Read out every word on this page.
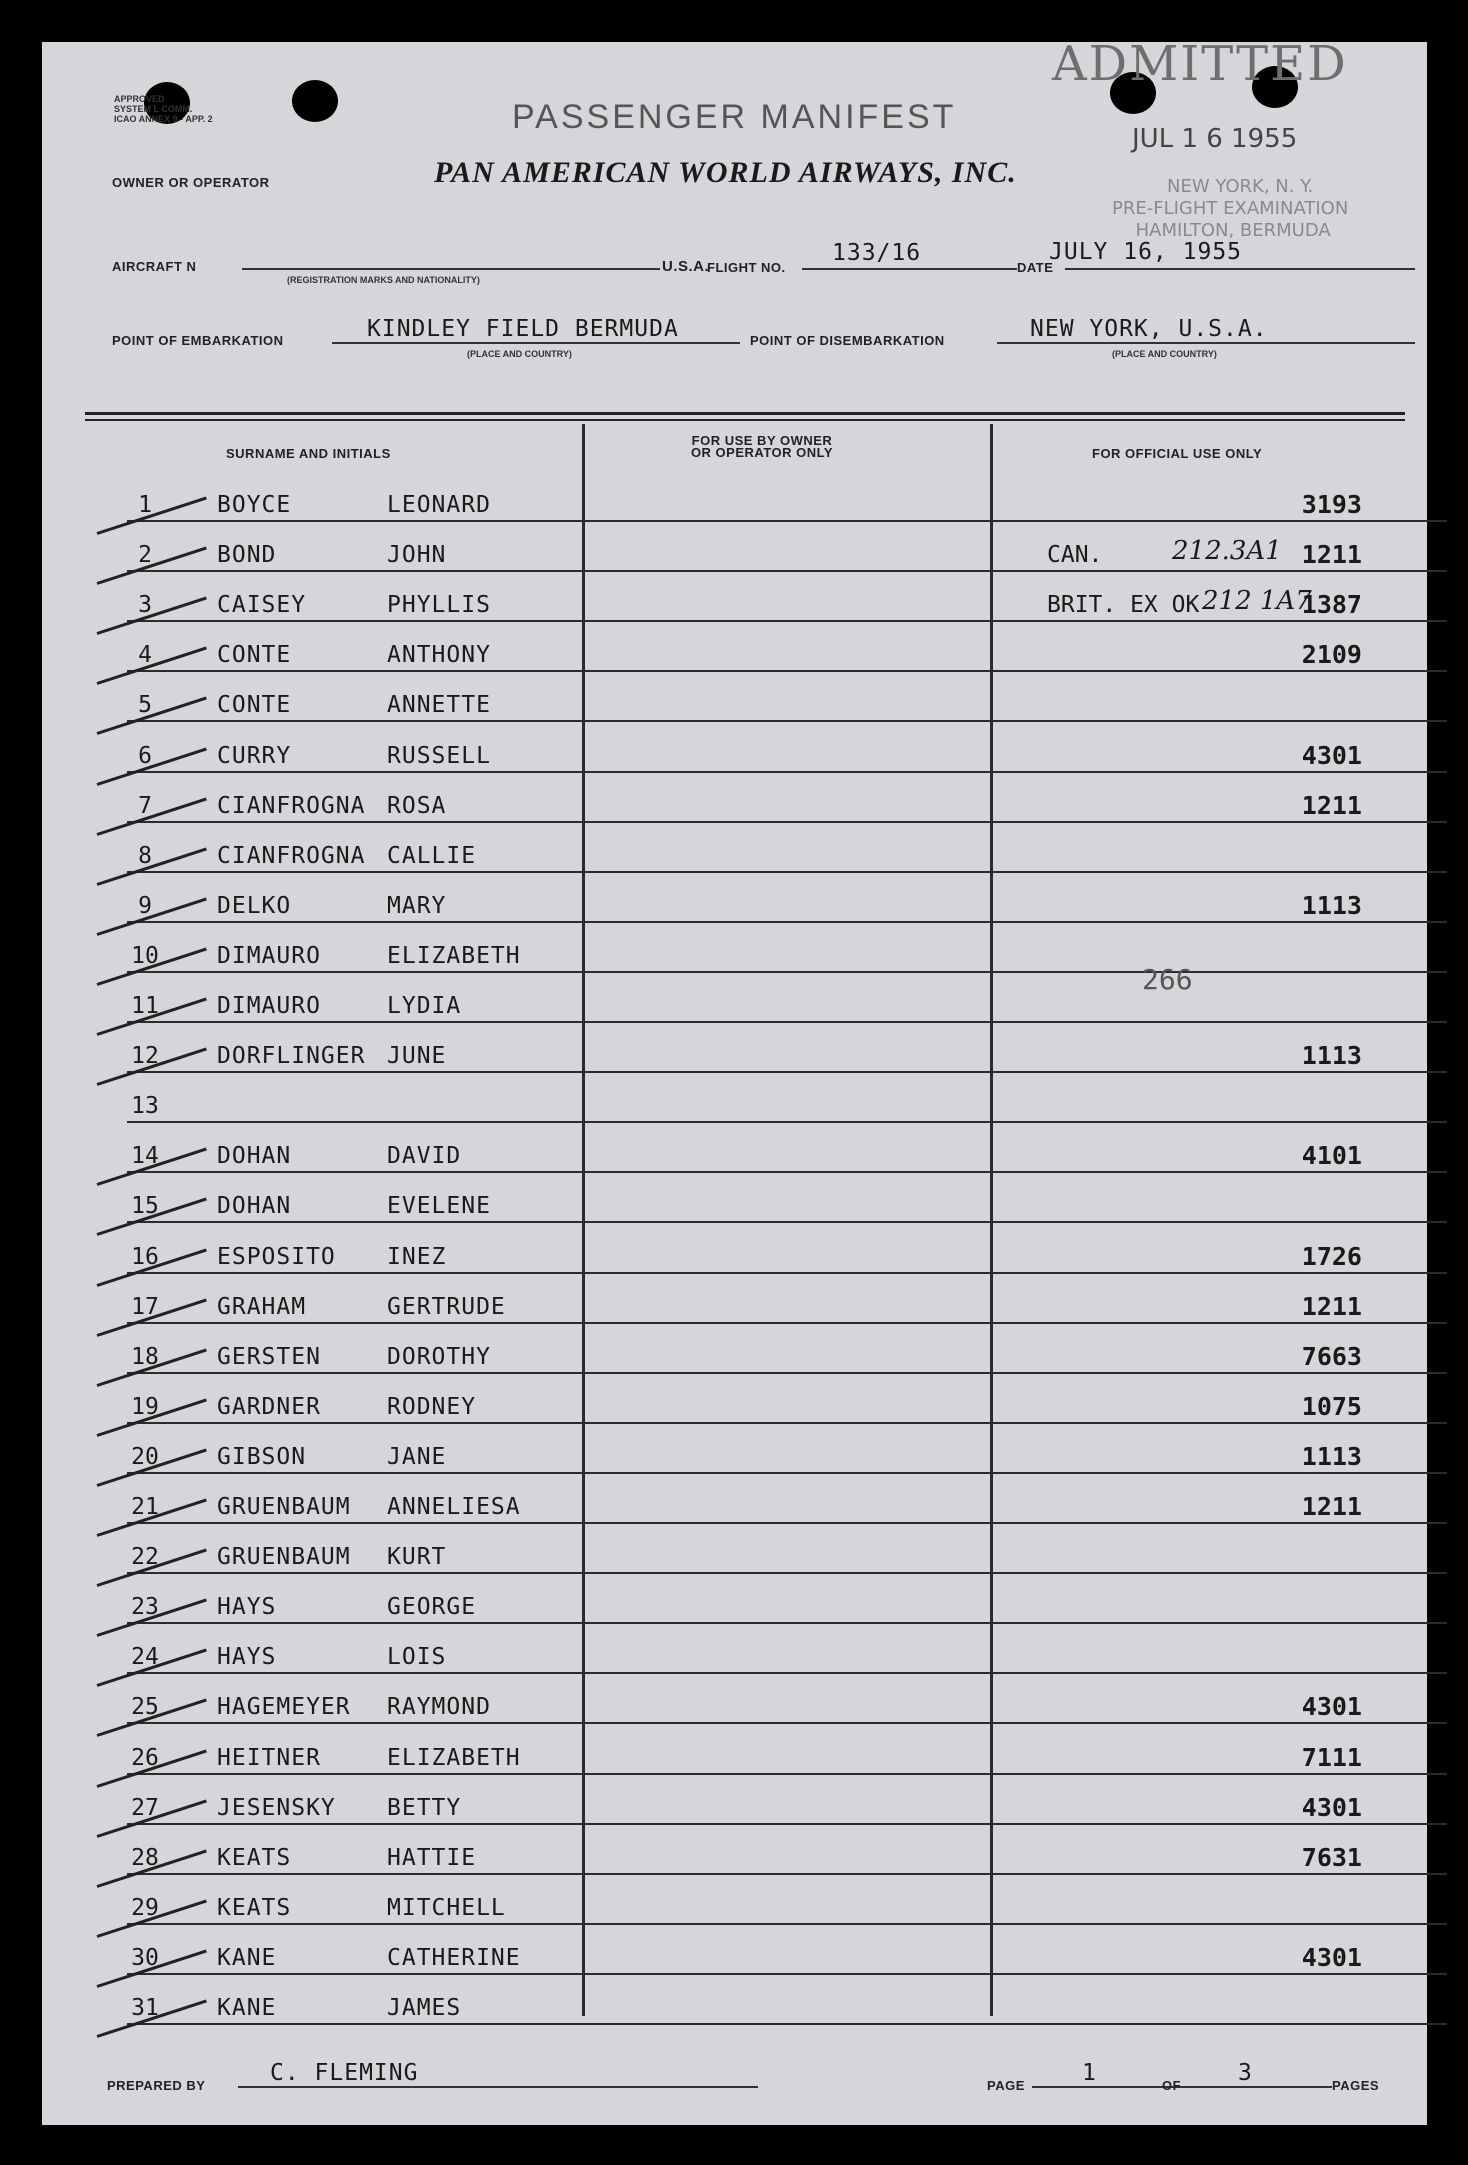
APPROVED
SYSTEM L COMM.
ICAO ANNEX 9 - APP. 2	PASSENGER MANIFEST
ADMITTED
JUL 1 6 1955
NEW YORK, N. Y.
PRE-FLIGHT EXAMINATION
HAMILTON, BERMUDA
OWNER OR OPERATOR	PAN AMERICAN WORLD AIRWAYS, INC.
AIRCRAFT N
(REGISTRATION MARKS AND NATIONALITY)
U.S.A.
FLIGHT NO.
133/16
DATE
JULY 16, 1955
POINT OF EMBARKATION	KINDLEY FIELD BERMUDA
(PLACE AND COUNTRY)
POINT OF DISEMBARKATION	NEW YORK, U.S.A.
(PLACE AND COUNTRY)
SURNAME AND INITIALS
FOR USE BY OWNER OR OPERATOR ONLY	FOR OFFICIAL USE ONLY
1	BOYCE	LEONARD	3193
2	BOND	JOHN	1211
CAN.	212.3A1
3	CAISEY	PHYLLIS	1387
BRIT. EX OK 212 1A7
4	CONTE	ANTHONY	2109
5	CONTE	ANNETTE
6	CURRY	RUSSELL	4301
7	CIANFROGNA ROSA	1211
8	CIANFROGNA CALLIE
9	DELKO	MARY	1113
10	DIMAURO	ELIZABETH
266
11	DIMAURO	LYDIA
12	DORFLINGER JUNE	1113
13
14	DOHAN	DAVID	4101
15	DOHAN	EVELENE
16	ESPOSITO INEZ	1726
17	GRAHAM	GERTRUDE	1211
18	GERSTEN	DOROTHY	7663
19	GARDNER	RODNEY	1075
20	GIBSON	JANE	1113
21	GRUENBAUM ANNELIESA	1211
22	GRUENBAUM KURT
23	HAYS	GEORGE
24	HAYS	LOIS
25	HAGEMEYER RAYMOND	4301
26	HEITNER	ELIZABETH	7111
27	JESENSKY BETTY	4301
28	KEATS	HATTIE	7631
29	KEATS	MITCHELL
30	KANE	CATHERINE	4301
31	KANE	JAMES
PREPARED BY	C. FLEMING	PAGE 1	OF 3	PAGES
